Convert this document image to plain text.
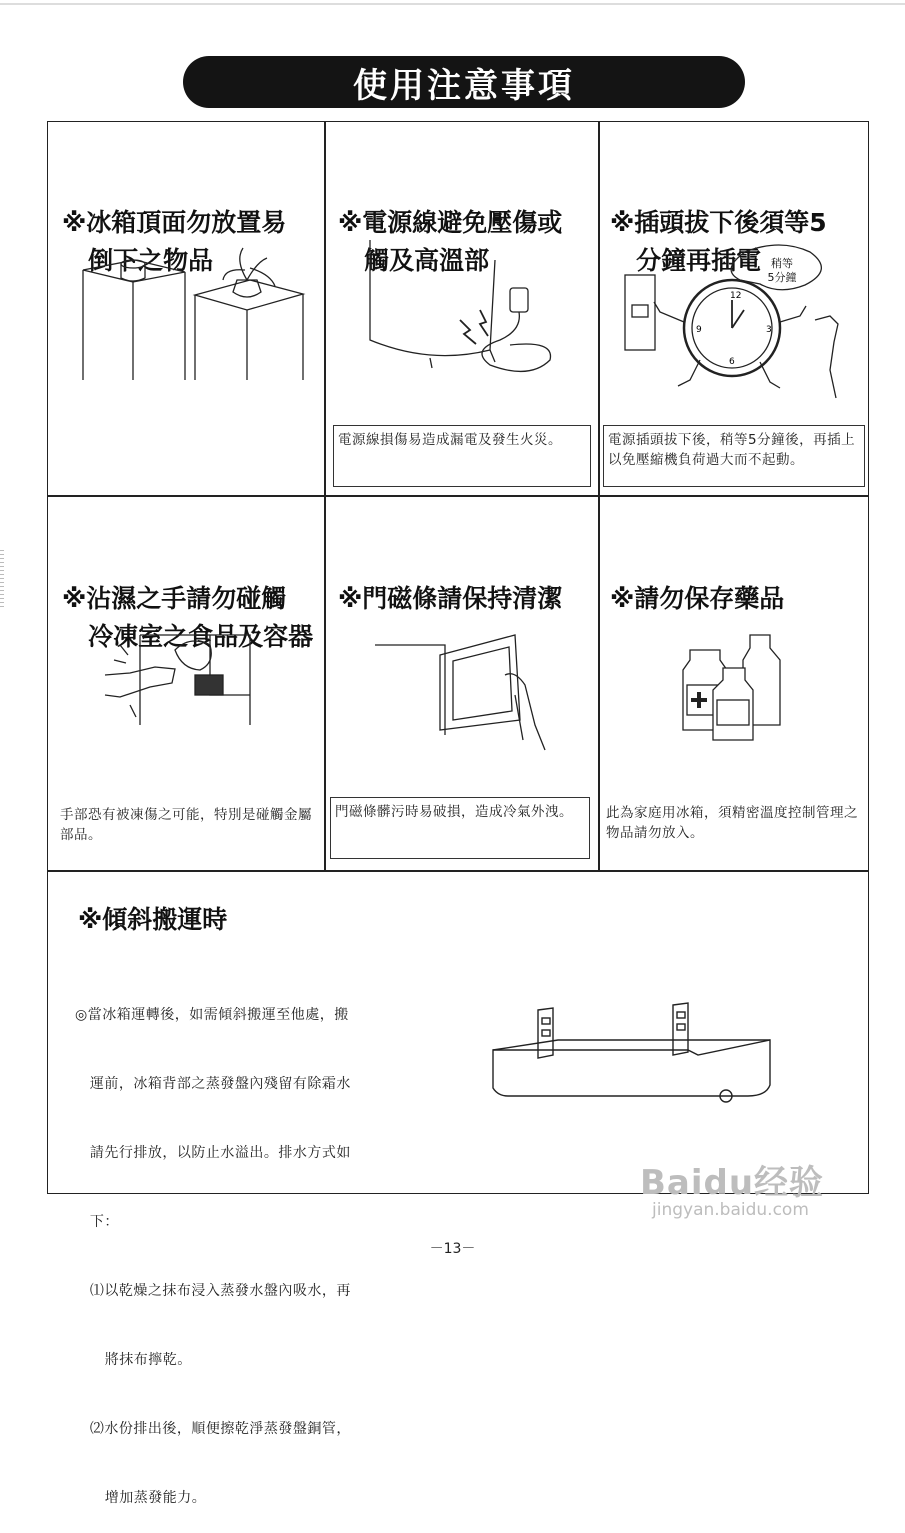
使用注意事項

※冰箱頂面勿放置易
倒下之物品

※電源線避免壓傷或
觸及高溫部

電源線損傷易造成漏電及發生火災。

※插頭拔下後須等5
分鐘再插電

12
3
6
9
稍等
5分鐘
電源插頭拔下後，稍等5分鐘後，再插上以免壓縮機負荷過大而不起動。

※沾濕之手請勿碰觸
冷凍室之食品及容器

手部恐有被凍傷之可能，特別是碰觸金屬部品。

※門磁條請保持清潔

門磁條髒污時易破損，造成冷氣外洩。

※請勿保存藥品

此為家庭用冰箱，須精密溫度控制管理之物品請勿放入。
※傾斜搬運時

◎當冰箱運轉後，如需傾斜搬運至他處，搬

運前，冰箱背部之蒸發盤內殘留有除霜水

請先行排放，以防止水溢出。排水方式如

下：

⑴以乾燥之抹布浸入蒸發水盤內吸水，再

將抹布擰乾。

⑵水份排出後，順便擦乾淨蒸發盤銅管，

增加蒸發能力。

－13－
Baidu经验
jingyan.baidu.com
